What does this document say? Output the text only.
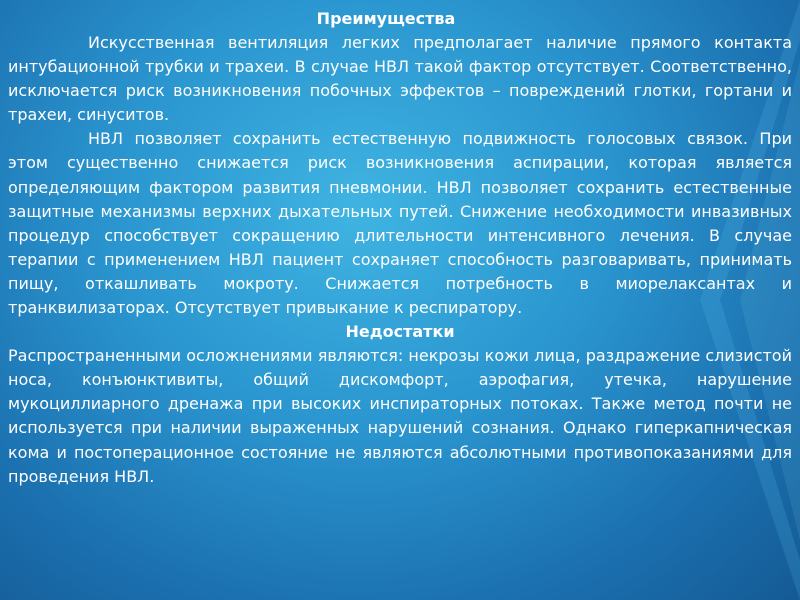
Преимущества

Искусственная вентиляция легких предполагает наличие прямого контакта интубационной трубки и трахеи. В случае НВЛ такой фактор отсутствует. Соответственно, исключается риск возникновения побочных эффектов – повреждений глотки, гортани и трахеи, синуситов.

НВЛ позволяет сохранить естественную подвижность голосовых связок. При этом существенно снижается риск возникновения аспирации, которая является определяющим фактором развития пневмонии. НВЛ позволяет сохранить естественные защитные механизмы верхних дыхательных путей. Снижение необходимости инвазивных процедур способствует сокращению длительности интенсивного лечения. В случае терапии с применением НВЛ пациент сохраняет способность разговаривать, принимать пищу, откашливать мокроту. Снижается потребность в миорелаксантах и транквилизаторах. Отсутствует привыкание к респиратору.

Недостатки

Распространенными осложнениями являются: некрозы кожи лица, раздражение слизистой носа, конъюнктивиты, общий дискомфорт, аэрофагия, утечка, нарушение мукоциллиарного дренажа при высоких инспираторных потоках. Также метод почти не используется при наличии выраженных нарушений сознания. Однако гиперкапническая кома и постоперационное состояние не являются абсолютными противопоказаниями для проведения НВЛ.
